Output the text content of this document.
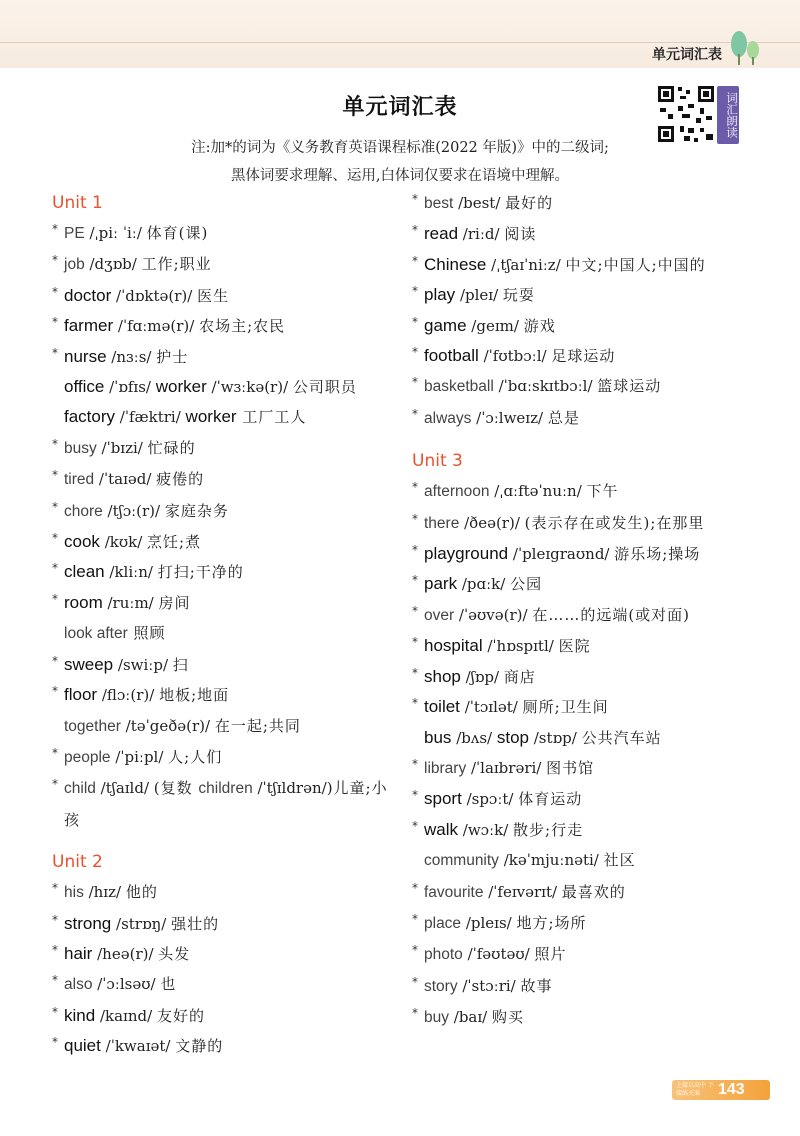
单元词汇表
单元词汇表	词汇朗读
注:加*的词为《义务教育英语课程标准(2022 年版)》中的二级词;
黑体词要求理解、运用,白体词仅要求在语境中理解。
Unit 1
* PE /ˌpiː ˈiː/ 体育(课)
* job /dʒɒb/ 工作;职业
* doctor /ˈdɒktə(r)/ 医生
* farmer /ˈfɑːmə(r)/ 农场主;农民
* nurse /nɜːs/ 护士
office /ˈɒfɪs/ worker /ˈwɜːkə(r)/ 公司职员
factory /ˈfæktri/ worker 工厂工人
* busy /ˈbɪzi/ 忙碌的
* tired /ˈtaɪəd/ 疲倦的
* chore /tʃɔː(r)/ 家庭杂务
* cook /kʊk/ 烹饪;煮
* clean /kliːn/ 打扫;干净的
* room /ruːm/ 房间
look after 照顾
* sweep /swiːp/ 扫
* floor /flɔː(r)/ 地板;地面
together /təˈgeðə(r)/ 在一起;共同
* people /ˈpiːpl/ 人;人们
* child /tʃaɪld/ (复数 children /ˈtʃɪldrən/)儿童;小孩
Unit 2
* his /hɪz/ 他的
* strong /strɒŋ/ 强壮的
* hair /heə(r)/ 头发
* also /ˈɔːlsəʊ/ 也
* kind /kaɪnd/ 友好的
* quiet /ˈkwaɪət/ 文静的
* best /best/ 最好的
* read /riːd/ 阅读
* Chinese /ˌtʃaɪˈniːz/ 中文;中国人;中国的
* play /pleɪ/ 玩耍
* game /geɪm/ 游戏
* football /ˈfʊtbɔːl/ 足球运动
* basketball /ˈbɑːskɪtbɔːl/ 篮球运动
* always /ˈɔːlweɪz/ 总是
Unit 3
* afternoon /ˌɑːftəˈnuːn/ 下午
* there /ðeə(r)/ (表示存在或发生);在那里
* playground /ˈpleɪgraʊnd/ 游乐场;操场
* park /pɑːk/ 公园
* over /ˈəʊvə(r)/ 在……的远端(或对面)
* hospital /ˈhɒspɪtl/ 医院
* shop /ʃɒp/ 商店
* toilet /ˈtɔɪlət/ 厕所;卫生间
bus /bʌs/ stop /stɒp/ 公共汽车站
* library /ˈlaɪbrəri/ 图书馆
* sport /spɔːt/ 体育运动
* walk /wɔːk/ 散步;行走
community /kəˈmjuːnəti/ 社区
* favourite /ˈfeɪvərɪt/ 最喜欢的
* place /pleɪs/ 地方;场所
* photo /ˈfəʊtəʊ/ 照片
* story /ˈstɔːri/ 故事
* buy /baɪ/ 购买
上接以高中 下接练关案	143
